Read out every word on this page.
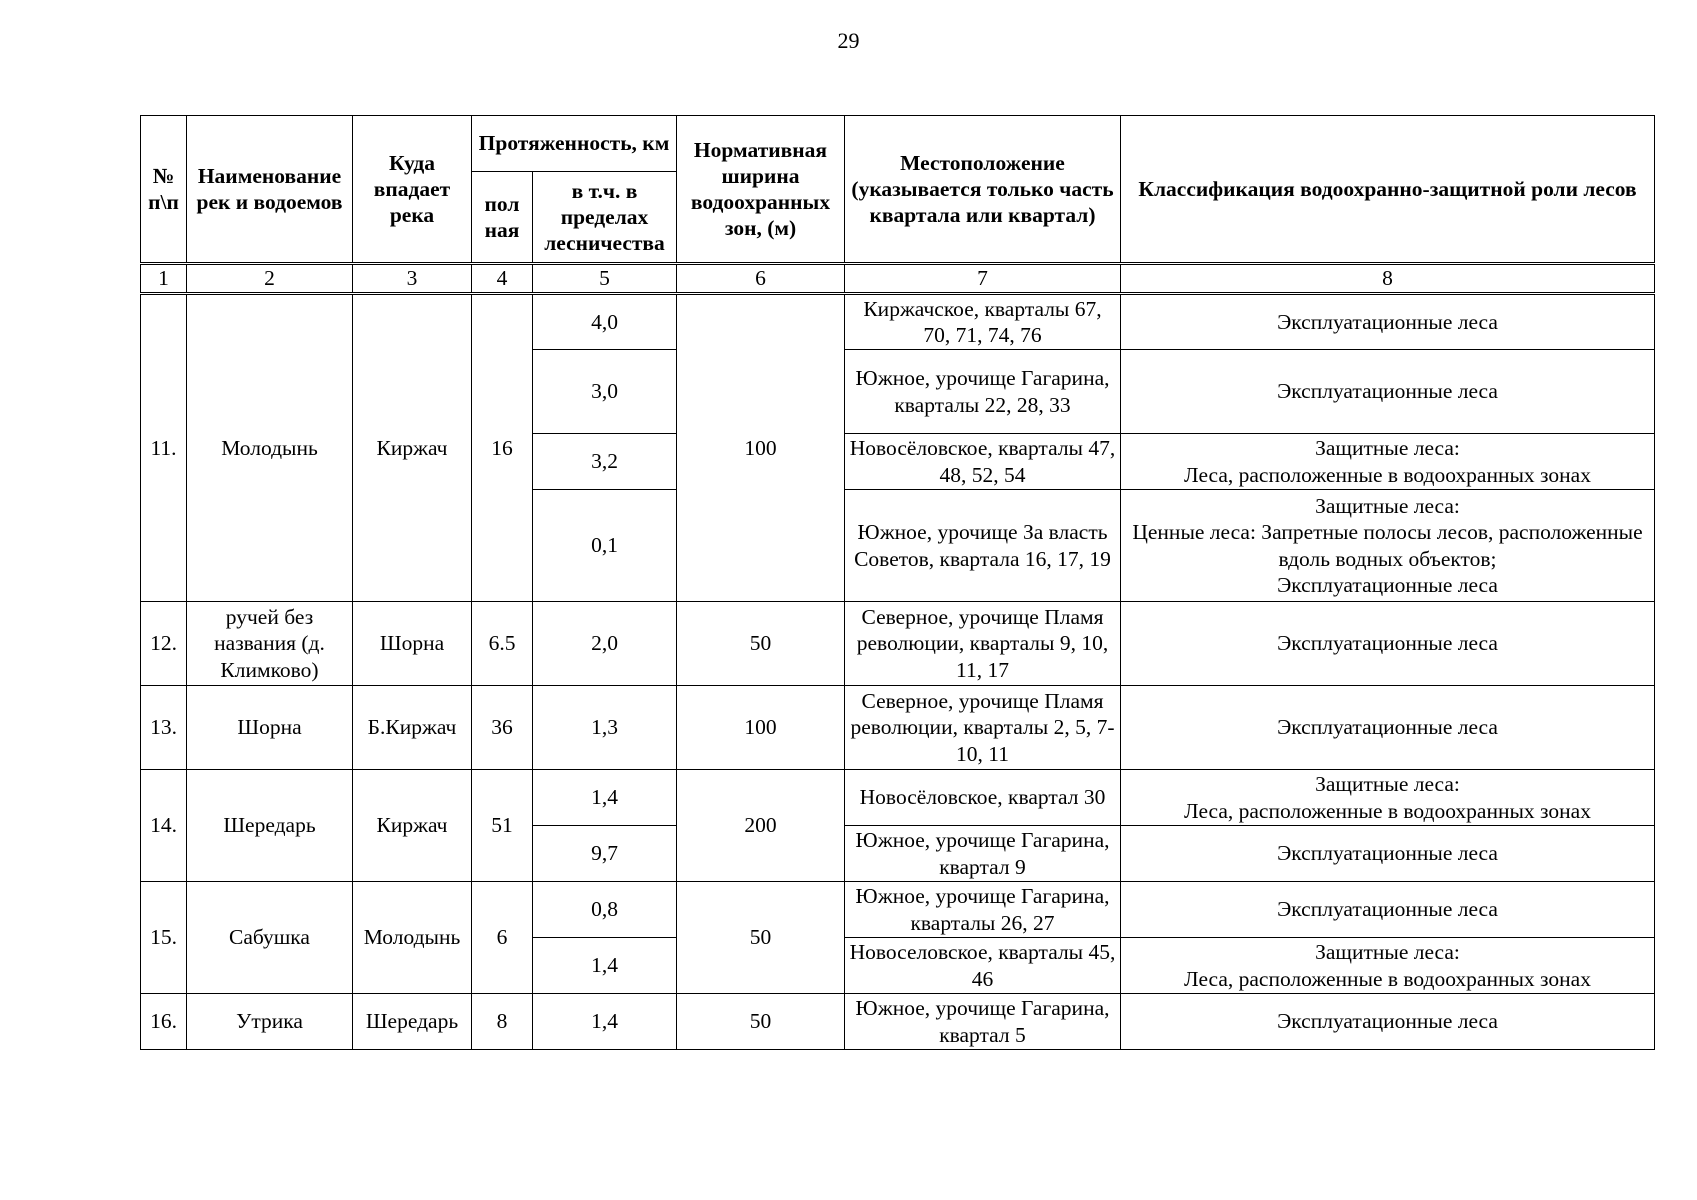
29
№ п\п	Наименование рек и водоемов	Куда впадает река	Протяженность, км		Нормативная ширина водоохранных зон, (м)	Местоположение (указывается только часть квартала или квартал)	Классификация водоохранно-защитной роли лесов
			пол ная	в т.ч. в пределах лесничества			
1	2	3	4	5	6	7	8
11.	Молодынь	Киржач	16	4,0	100	Киржачское, кварталы 67, 70, 71, 74, 76	Эксплуатационные леса

				3,0		Южное, урочище Гагарина, кварталы 22, 28, 33	Эксплуатационные леса

				3,2		Новосёловское, кварталы 47, 48, 52, 54	Защитные леса:
Леса, расположенные в водоохранных зонах

				0,1		Южное, урочище За власть Советов, квартала 16, 17, 19	Защитные леса:
Ценные леса: Запретные полосы лесов, расположенные вдоль водных объектов;
Эксплуатационные леса

12.	ручей без названия (д. Климково)	Шорна	6.5	2,0	50	Северное, урочище Пламя революции, кварталы 9, 10, 11, 17	Эксплуатационные леса

13.	Шорна	Б.Киржач	36	1,3	100	Северное, урочище Пламя революции, кварталы 2, 5, 7-10, 11	Эксплуатационные леса

14.	Шередарь	Киржач	51	1,4	200	Новосёловское, квартал 30	Защитные леса:
Леса, расположенные в водоохранных зонах

				9,7		Южное, урочище Гагарина, квартал 9	Эксплуатационные леса

15.	Сабушка	Молодынь	6	0,8	50	Южное, урочище Гагарина, кварталы 26, 27	Эксплуатационные леса

				1,4		Новоселовское, кварталы 45, 46	Защитные леса:
Леса, расположенные в водоохранных зонах

16.	Утрика	Шередарь	8	1,4	50	Южное, урочище Гагарина, квартал 5	Эксплуатационные леса
